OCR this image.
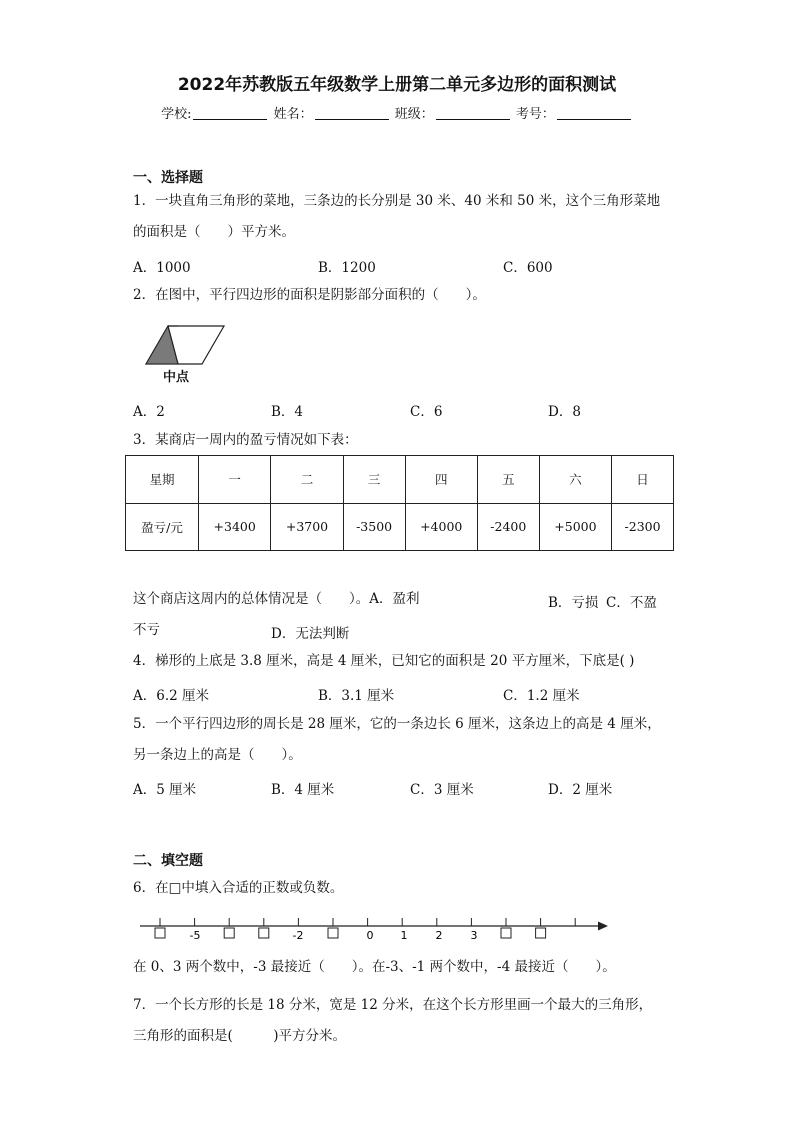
2022年苏教版五年级数学上册第二单元多边形的面积测试
学校:	姓名：	班级：	考号：
一、选择题
1．一块直角三角形的菜地，三条边的长分别是 30 米、40 米和 50 米，这个三角形菜地
的面积是（　　）平方米。
A．1000	B．1200	C．600
2．在图中，平行四边形的面积是阴影部分面积的（　　）。
中点
A．2	B．4	C．6	D．8
3．某商店一周内的盈亏情况如下表：
星期	一	二	三	四	五	六	日
盈亏/元	+3400	+3700	-3500	+4000	-2400	+5000	-2300
这个商店这周内的总体情况是（　　）。A．盈利	B．亏损 C．不盈
不亏	D．无法判断
4．梯形的上底是 3.8 厘米，高是 4 厘米，已知它的面积是 20 平方厘米，下底是( )
A．6.2 厘米	B．3.1 厘米	C．1.2 厘米
5．一个平行四边形的周长是 28 厘米，它的一条边长 6 厘米，这条边上的高是 4 厘米，
另一条边上的高是（　　）。
A．5 厘米	B．4 厘米	C．3 厘米	D．2 厘米
二、填空题
6．在□中填入合适的正数或负数。
-5	-2	0 1	2	3
在 0、3 两个数中，-3 最接近（　　）。在-3、-1 两个数中，-4 最接近（　　）。
7．一个长方形的长是 18 分米，宽是 12 分米，在这个长方形里画一个最大的三角形，
三角形的面积是(　　　)平方分米。
